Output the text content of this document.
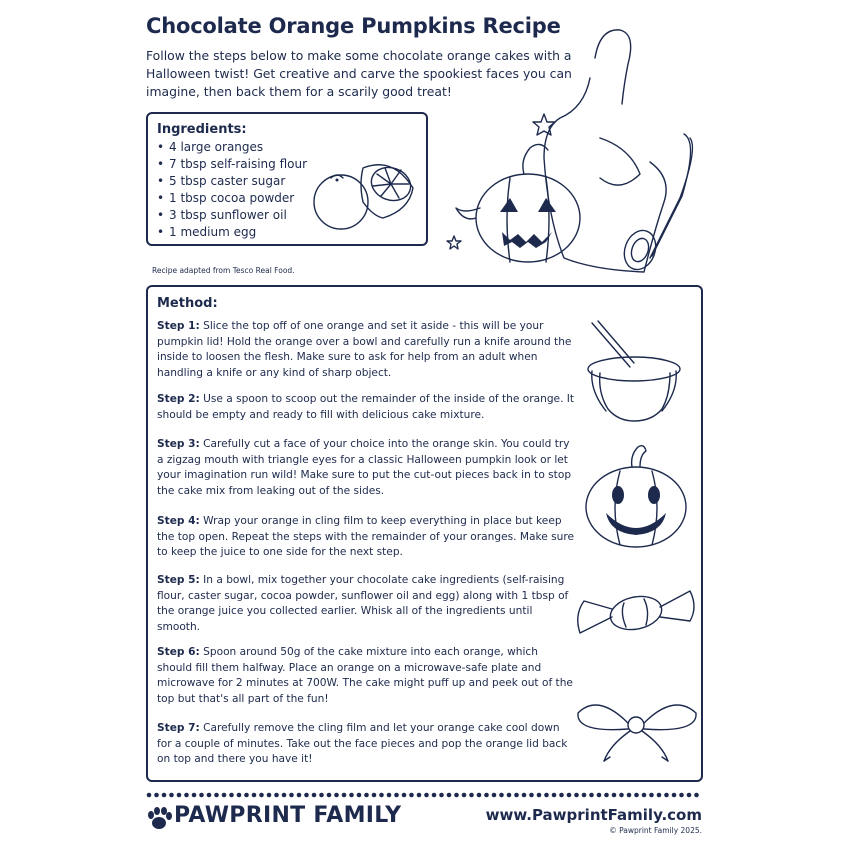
Chocolate Orange Pumpkins Recipe
Follow the steps below to make some chocolate orange cakes with a Halloween twist! Get creative and carve the spookiest faces you can imagine, then back them for a scarily good treat!
Ingredients:
• 4 large oranges
• 7 tbsp self-raising flour
• 5 tbsp caster sugar
• 1 tbsp cocoa powder
• 3 tbsp sunflower oil
• 1 medium egg
Recipe adapted from Tesco Real Food.
Method:
Step 1: Slice the top off of one orange and set it aside - this will be your pumpkin lid! Hold the orange over a bowl and carefully run a knife around the inside to loosen the flesh. Make sure to ask for help from an adult when handling a knife or any kind of sharp object.
Step 2: Use a spoon to scoop out the remainder of the inside of the orange. It should be empty and ready to fill with delicious cake mixture.
Step 3: Carefully cut a face of your choice into the orange skin. You could try a zigzag mouth with triangle eyes for a classic Halloween pumpkin look or let your imagination run wild! Make sure to put the cut-out pieces back in to stop the cake mix from leaking out of the sides.
Step 4: Wrap your orange in cling film to keep everything in place but keep the top open. Repeat the steps with the remainder of your oranges. Make sure to keep the juice to one side for the next step.
Step 5: In a bowl, mix together your chocolate cake ingredients (self-raising flour, caster sugar, cocoa powder, sunflower oil and egg) along with 1 tbsp of the orange juice you collected earlier. Whisk all of the ingredients until smooth.
Step 6: Spoon around 50g of the cake mixture into each orange, which should fill them halfway. Place an orange on a microwave-safe plate and microwave for 2 minutes at 700W. The cake might puff up and peek out of the top but that's all part of the fun!
Step 7: Carefully remove the cling film and let your orange cake cool down for a couple of minutes. Take out the face pieces and pop the orange lid back on top and there you have it!
PAWPRINT FAMILY	www.PawprintFamily.com
© Pawprint Family 2025.
